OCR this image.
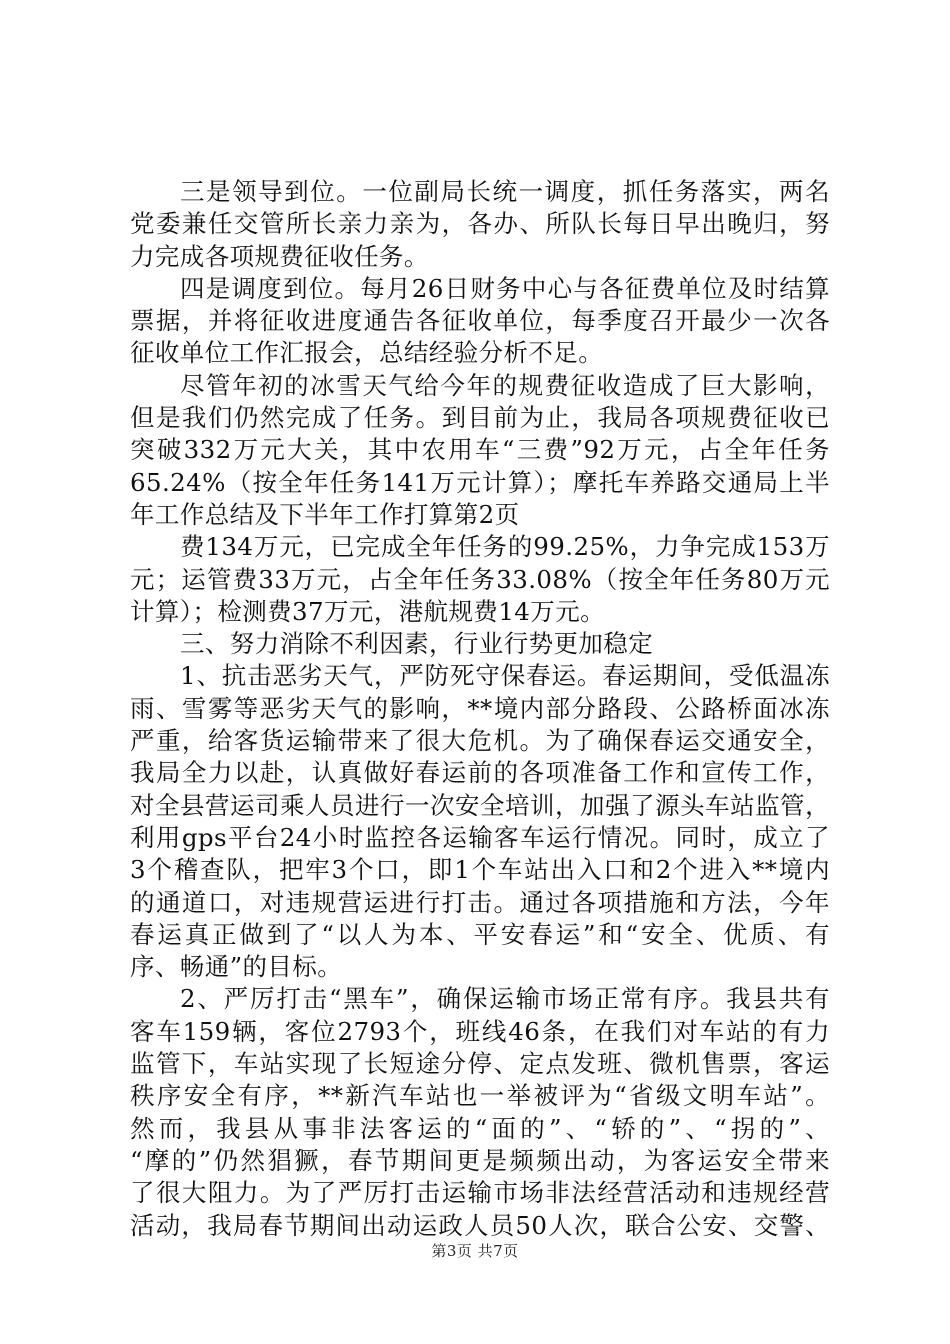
三是领导到位。一位副局长统一调度，抓任务落实，两名
党委兼任交管所长亲力亲为，各办、所队长每日早出晚归，努
力完成各项规费征收任务。
四是调度到位。每月26日财务中心与各征费单位及时结算
票据，并将征收进度通告各征收单位，每季度召开最少一次各
征收单位工作汇报会，总结经验分析不足。
尽管年初的冰雪天气给今年的规费征收造成了巨大影响，
但是我们仍然完成了任务。到目前为止，我局各项规费征收已
突破332万元大关，其中农用车“三费”92万元，占全年任务
65.24%（按全年任务141万元计算）；摩托车养路交通局上半
年工作总结及下半年工作打算第2页
费134万元，已完成全年任务的99.25%，力争完成153万
元；运管费33万元，占全年任务33.08%（按全年任务80万元
计算）；检测费37万元，港航规费14万元。
三、努力消除不利因素，行业行势更加稳定
1、抗击恶劣天气，严防死守保春运。春运期间，受低温冻
雨、雪雾等恶劣天气的影响，**境内部分路段、公路桥面冰冻
严重，给客货运输带来了很大危机。为了确保春运交通安全，
我局全力以赴，认真做好春运前的各项准备工作和宣传工作，
对全县营运司乘人员进行一次安全培训，加强了源头车站监管，
利用gps平台24小时监控各运输客车运行情况。同时，成立了
3个稽查队，把牢3个口，即1个车站出入口和2个进入**境内
的通道口，对违规营运进行打击。通过各项措施和方法，今年
春运真正做到了“以人为本、平安春运”和“安全、优质、有
序、畅通”的目标。
2、严厉打击“黑车”，确保运输市场正常有序。我县共有
客车159辆，客位2793个，班线46条，在我们对车站的有力
监管下，车站实现了长短途分停、定点发班、微机售票，客运
秩序安全有序，**新汽车站也一举被评为“省级文明车站”。
然而，我县从事非法客运的“面的”、“轿的”、“拐的”、
“摩的”仍然猖獗，春节期间更是频频出动，为客运安全带来
了很大阻力。为了严厉打击运输市场非法经营活动和违规经营
活动，我局春节期间出动运政人员50人次，联合公安、交警、
第3页 共7页
